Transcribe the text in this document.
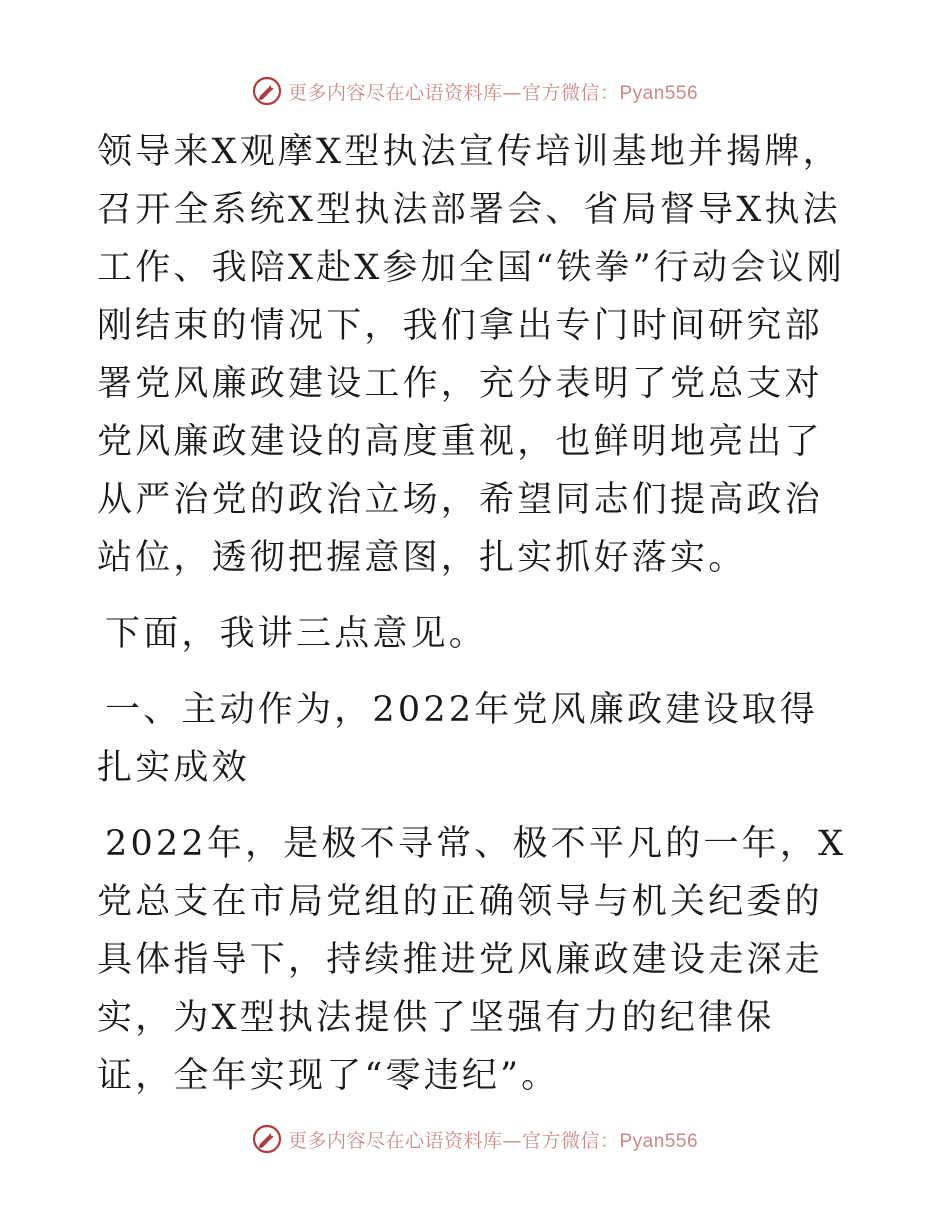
更多内容尽在心语资料库—官方微信：Pyan556

领导来X观摩X型执法宣传培训基地并揭牌，召开全系统X型执法部署会、省局督导X执法工作、我陪X赴X参加全国“铁拳”行动会议刚刚结束的情况下，我们拿出专门时间研究部署党风廉政建设工作，充分表明了党总支对党风廉政建设的高度重视，也鲜明地亮出了从严治党的政治立场，希望同志们提高政治站位，透彻把握意图，扎实抓好落实。

下面，我讲三点意见。

一、主动作为，2022年党风廉政建设取得扎实成效

2022年，是极不寻常、极不平凡的一年，X党总支在市局党组的正确领导与机关纪委的具体指导下，持续推进党风廉政建设走深走实，为X型执法提供了坚强有力的纪律保证，全年实现了“零违纪”。

更多内容尽在心语资料库—官方微信：Pyan556
